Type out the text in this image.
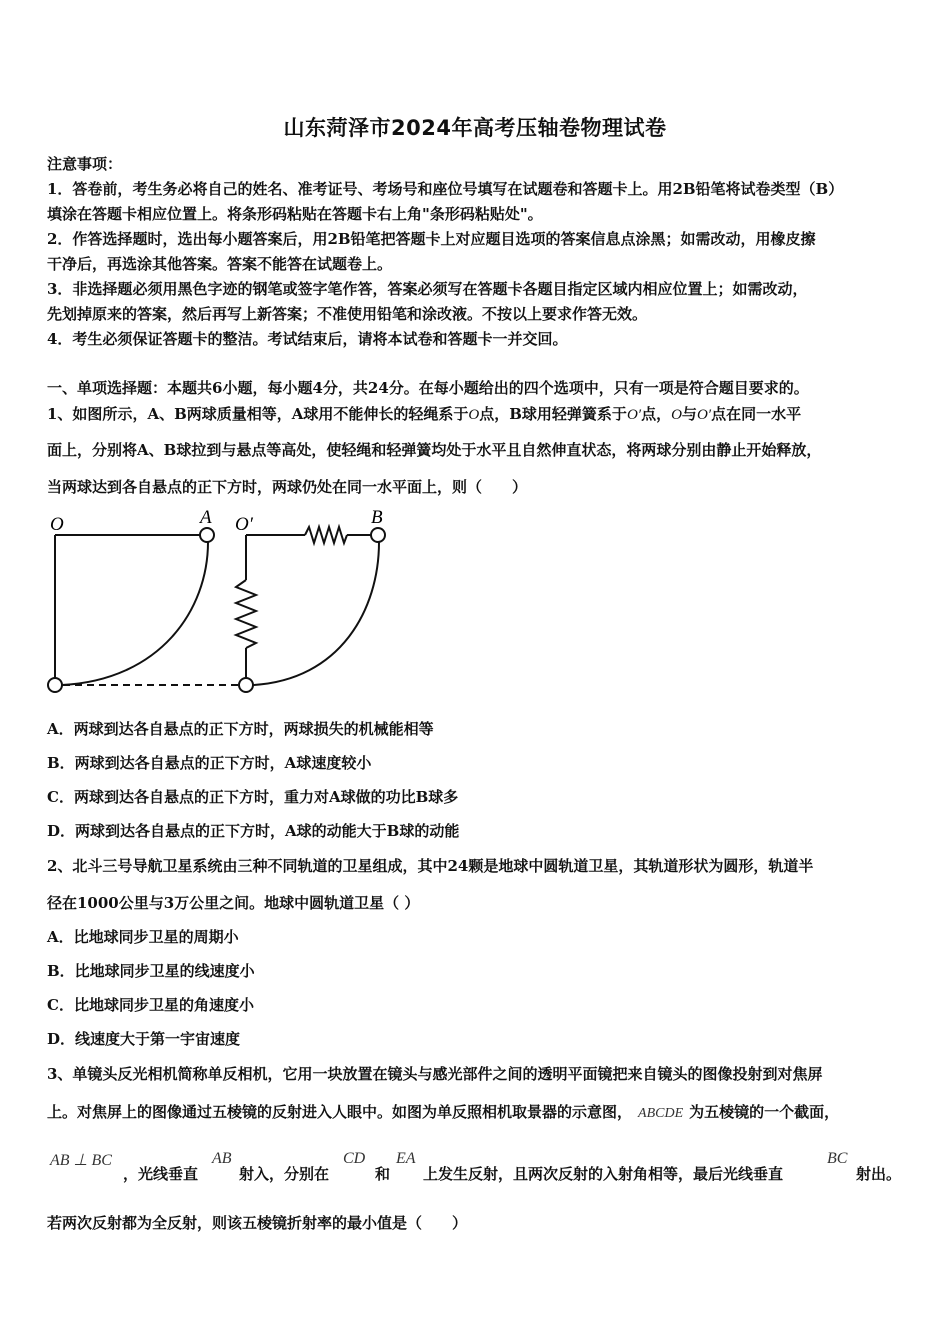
山东菏泽市2024年高考压轴卷物理试卷
注意事项：
1．答卷前，考生务必将自己的姓名、准考证号、考场号和座位号填写在试题卷和答题卡上。用2B铅笔将试卷类型（B）
填涂在答题卡相应位置上。将条形码粘贴在答题卡右上角"条形码粘贴处"。
2．作答选择题时，选出每小题答案后，用2B铅笔把答题卡上对应题目选项的答案信息点涂黑；如需改动，用橡皮擦
干净后，再选涂其他答案。答案不能答在试题卷上。
3．非选择题必须用黑色字迹的钢笔或签字笔作答，答案必须写在答题卡各题目指定区域内相应位置上；如需改动，
先划掉原来的答案，然后再写上新答案；不准使用铅笔和涂改液。不按以上要求作答无效。
4．考生必须保证答题卡的整洁。考试结束后，请将本试卷和答题卡一并交回。
一、单项选择题：本题共6小题，每小题4分，共24分。在每小题给出的四个选项中，只有一项是符合题目要求的。
1、如图所示，A、B两球质量相等，A球用不能伸长的轻绳系于O点，B球用轻弹簧系于O′点，O与O′点在同一水平
面上，分别将A、B球拉到与悬点等高处，使轻绳和轻弹簧均处于水平且自然伸直状态，将两球分别由静止开始释放，
当两球达到各自悬点的正下方时，两球仍处在同一水平面上，则（　　）
O	A O′	B
A．两球到达各自悬点的正下方时，两球损失的机械能相等
B．两球到达各自悬点的正下方时，A球速度较小
C．两球到达各自悬点的正下方时，重力对A球做的功比B球多
D．两球到达各自悬点的正下方时，A球的动能大于B球的动能
2、北斗三号导航卫星系统由三种不同轨道的卫星组成，其中24颗是地球中圆轨道卫星，其轨道形状为圆形，轨道半
径在1000公里与3万公里之间。地球中圆轨道卫星（ ）
A．比地球同步卫星的周期小
B．比地球同步卫星的线速度小
C．比地球同步卫星的角速度小
D．线速度大于第一宇宙速度
3、单镜头反光相机简称单反相机，它用一块放置在镜头与感光部件之间的透明平面镜把来自镜头的图像投射到对焦屏
上。对焦屏上的图像通过五棱镜的反射进入人眼中。如图为单反照相机取景器的示意图， ABCDE 为五棱镜的一个截面，
AB ⊥ BC
，光线垂直
AB
射入，分别在
CD
和
EA
上发生反射，且两次反射的入射角相等，最后光线垂直
BC
射出。
若两次反射都为全反射，则该五棱镜折射率的最小值是（　　）
